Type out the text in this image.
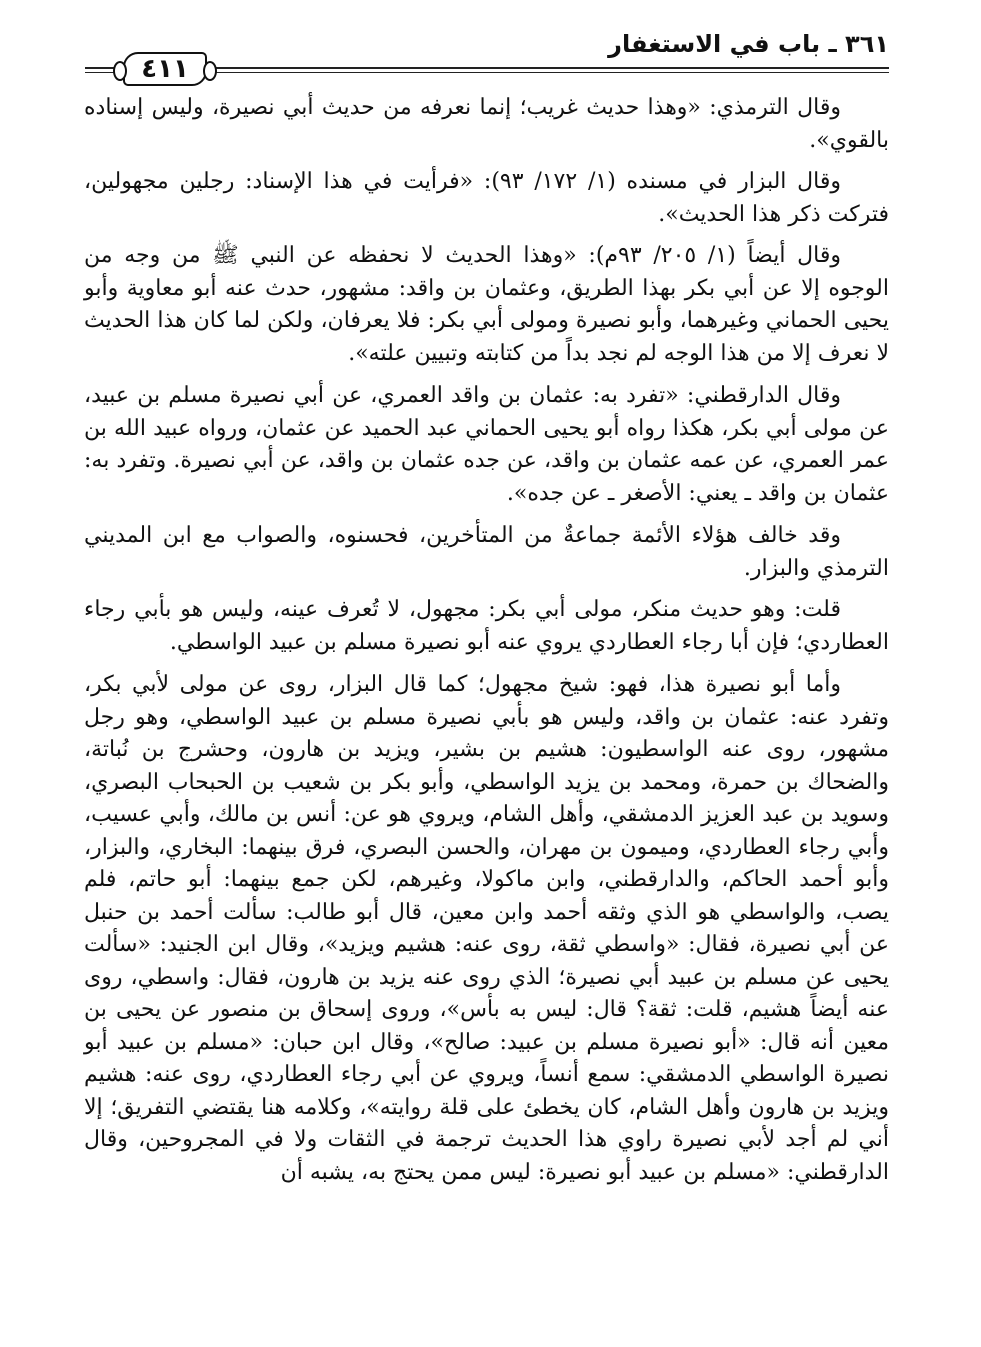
٣٦١ ـ باب في الاستغفار
٤١١

وقال الترمذي: «وهذا حديث غريب؛ إنما نعرفه من حديث أبي نصيرة، وليس إسناده بالقوي».

وقال البزار في مسنده (١/ ١٧٢/ ٩٣): «فرأيت في هذا الإسناد: رجلين مجهولين، فتركت ذكر هذا الحديث».

وقال أيضاً (١/ ٢٠٥/ ٩٣م): «وهذا الحديث لا نحفظه عن النبي ﷺ من وجه من الوجوه إلا عن أبي بكر بهذا الطريق، وعثمان بن واقد: مشهور، حدث عنه أبو معاوية وأبو يحيى الحماني وغيرهما، وأبو نصيرة ومولى أبي بكر: فلا يعرفان، ولكن لما كان هذا الحديث لا نعرف إلا من هذا الوجه لم نجد بداً من كتابته وتبيين علته».

وقال الدارقطني: «تفرد به: عثمان بن واقد العمري، عن أبي نصيرة مسلم بن عبيد، عن مولى أبي بكر، هكذا رواه أبو يحيى الحماني عبد الحميد عن عثمان، ورواه عبيد الله بن عمر العمري، عن عمه عثمان بن واقد، عن جده عثمان بن واقد، عن أبي نصيرة. وتفرد به: عثمان بن واقد ـ يعني: الأصغر ـ عن جده».

وقد خالف هؤلاء الأئمة جماعةٌ من المتأخرين، فحسنوه، والصواب مع ابن المديني الترمذي والبزار.

قلت: وهو حديث منكر، مولى أبي بكر: مجهول، لا تُعرف عينه، وليس هو بأبي رجاء العطاردي؛ فإن أبا رجاء العطاردي يروي عنه أبو نصيرة مسلم بن عبيد الواسطي.

وأما أبو نصيرة هذا، فهو: شيخ مجهول؛ كما قال البزار، روى عن مولى لأبي بكر، وتفرد عنه: عثمان بن واقد، وليس هو بأبي نصيرة مسلم بن عبيد الواسطي، وهو رجل مشهور، روى عنه الواسطيون: هشيم بن بشير، ويزيد بن هارون، وحشرج بن نُباتة، والضحاك بن حمرة، ومحمد بن يزيد الواسطي، وأبو بكر بن شعيب بن الحبحاب البصري، وسويد بن عبد العزيز الدمشقي، وأهل الشام، ويروي هو عن: أنس بن مالك، وأبي عسيب، وأبي رجاء العطاردي، وميمون بن مهران، والحسن البصري، فرق بينهما: البخاري، والبزار، وأبو أحمد الحاكم، والدارقطني، وابن ماكولا، وغيرهم، لكن جمع بينهما: أبو حاتم، فلم يصب، والواسطي هو الذي وثقه أحمد وابن معين، قال أبو طالب: سألت أحمد بن حنبل عن أبي نصيرة، فقال: «واسطي ثقة، روى عنه: هشيم ويزيد»، وقال ابن الجنيد: «سألت يحيى عن مسلم بن عبيد أبي نصيرة؛ الذي روى عنه يزيد بن هارون، فقال: واسطي، روى عنه أيضاً هشيم، قلت: ثقة؟ قال: ليس به بأس»، وروى إسحاق بن منصور عن يحيى بن معين أنه قال: «أبو نصيرة مسلم بن عبيد: صالح»، وقال ابن حبان: «مسلم بن عبيد أبو نصيرة الواسطي الدمشقي: سمع أنساً، ويروي عن أبي رجاء العطاردي، روى عنه: هشيم ويزيد بن هارون وأهل الشام، كان يخطئ على قلة روايته»، وكلامه هنا يقتضي التفريق؛ إلا أني لم أجد لأبي نصيرة راوي هذا الحديث ترجمة في الثقات ولا في المجروحين، وقال الدارقطني: «مسلم بن عبيد أبو نصيرة: ليس ممن يحتج به، يشبه أن
